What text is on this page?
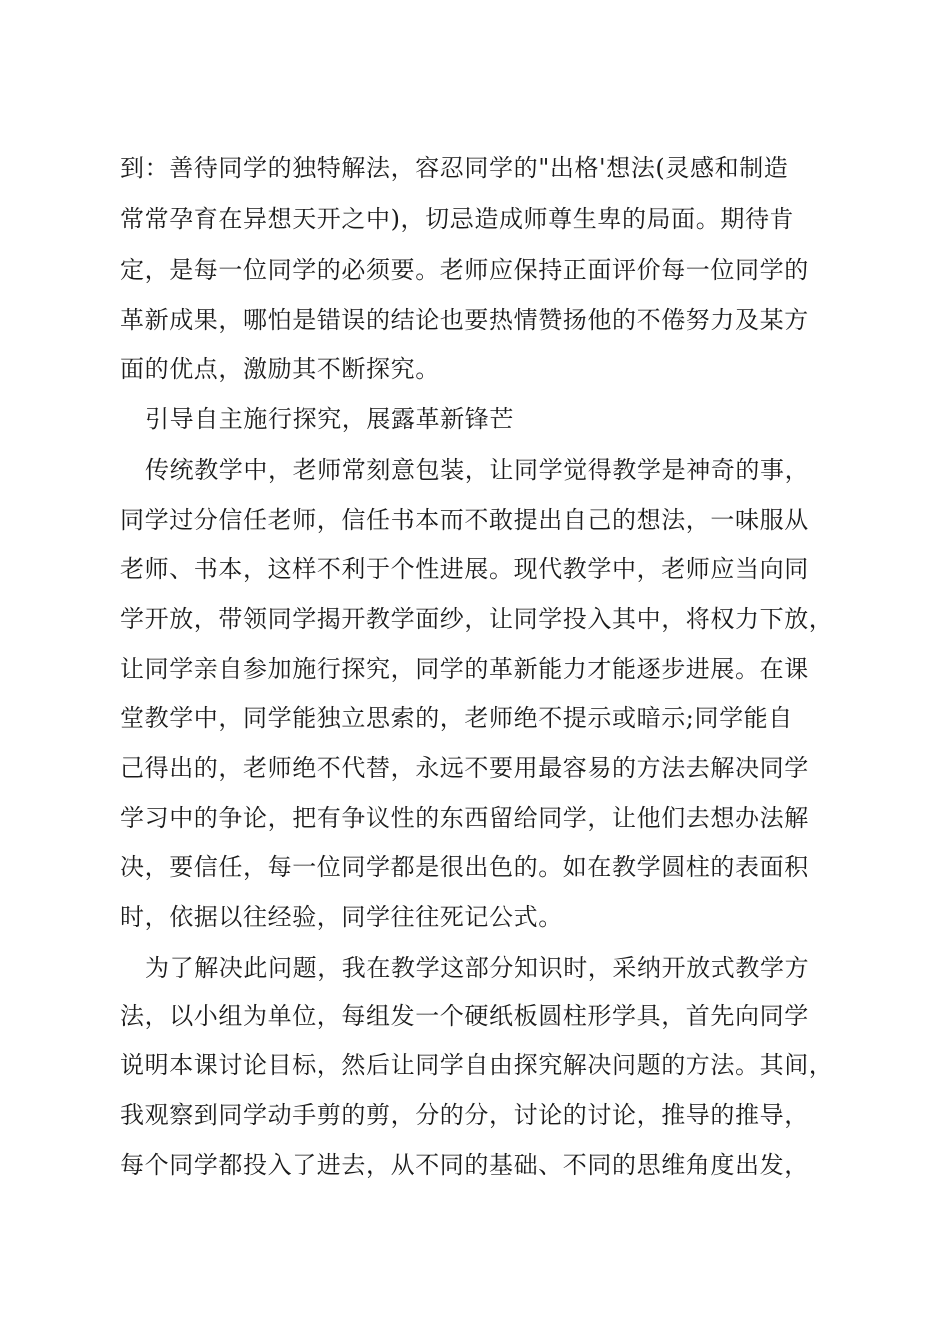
到：善待同学的独特解法，容忍同学的"出格'想法(灵感和制造

常常孕育在异想天开之中)，切忌造成师尊生卑的局面。期待肯

定，是每一位同学的必须要。老师应保持正面评价每一位同学的

革新成果，哪怕是错误的结论也要热情赞扬他的不倦努力及某方

面的优点，激励其不断探究。

引导自主施行探究，展露革新锋芒

传统教学中，老师常刻意包装，让同学觉得教学是神奇的事，

同学过分信任老师，信任书本而不敢提出自己的想法，一味服从

老师、书本，这样不利于个性进展。现代教学中，老师应当向同

学开放，带领同学揭开教学面纱，让同学投入其中，将权力下放，

让同学亲自参加施行探究，同学的革新能力才能逐步进展。在课

堂教学中，同学能独立思索的，老师绝不提示或暗示;同学能自

己得出的，老师绝不代替，永远不要用最容易的方法去解决同学

学习中的争论，把有争议性的东西留给同学，让他们去想办法解

决，要信任，每一位同学都是很出色的。如在教学圆柱的表面积

时，依据以往经验，同学往往死记公式。

为了解决此问题，我在教学这部分知识时，采纳开放式教学方

法，以小组为单位，每组发一个硬纸板圆柱形学具，首先向同学

说明本课讨论目标，然后让同学自由探究解决问题的方法。其间，

我观察到同学动手剪的剪，分的分，讨论的讨论，推导的推导，

每个同学都投入了进去，从不同的基础、不同的思维角度出发，
